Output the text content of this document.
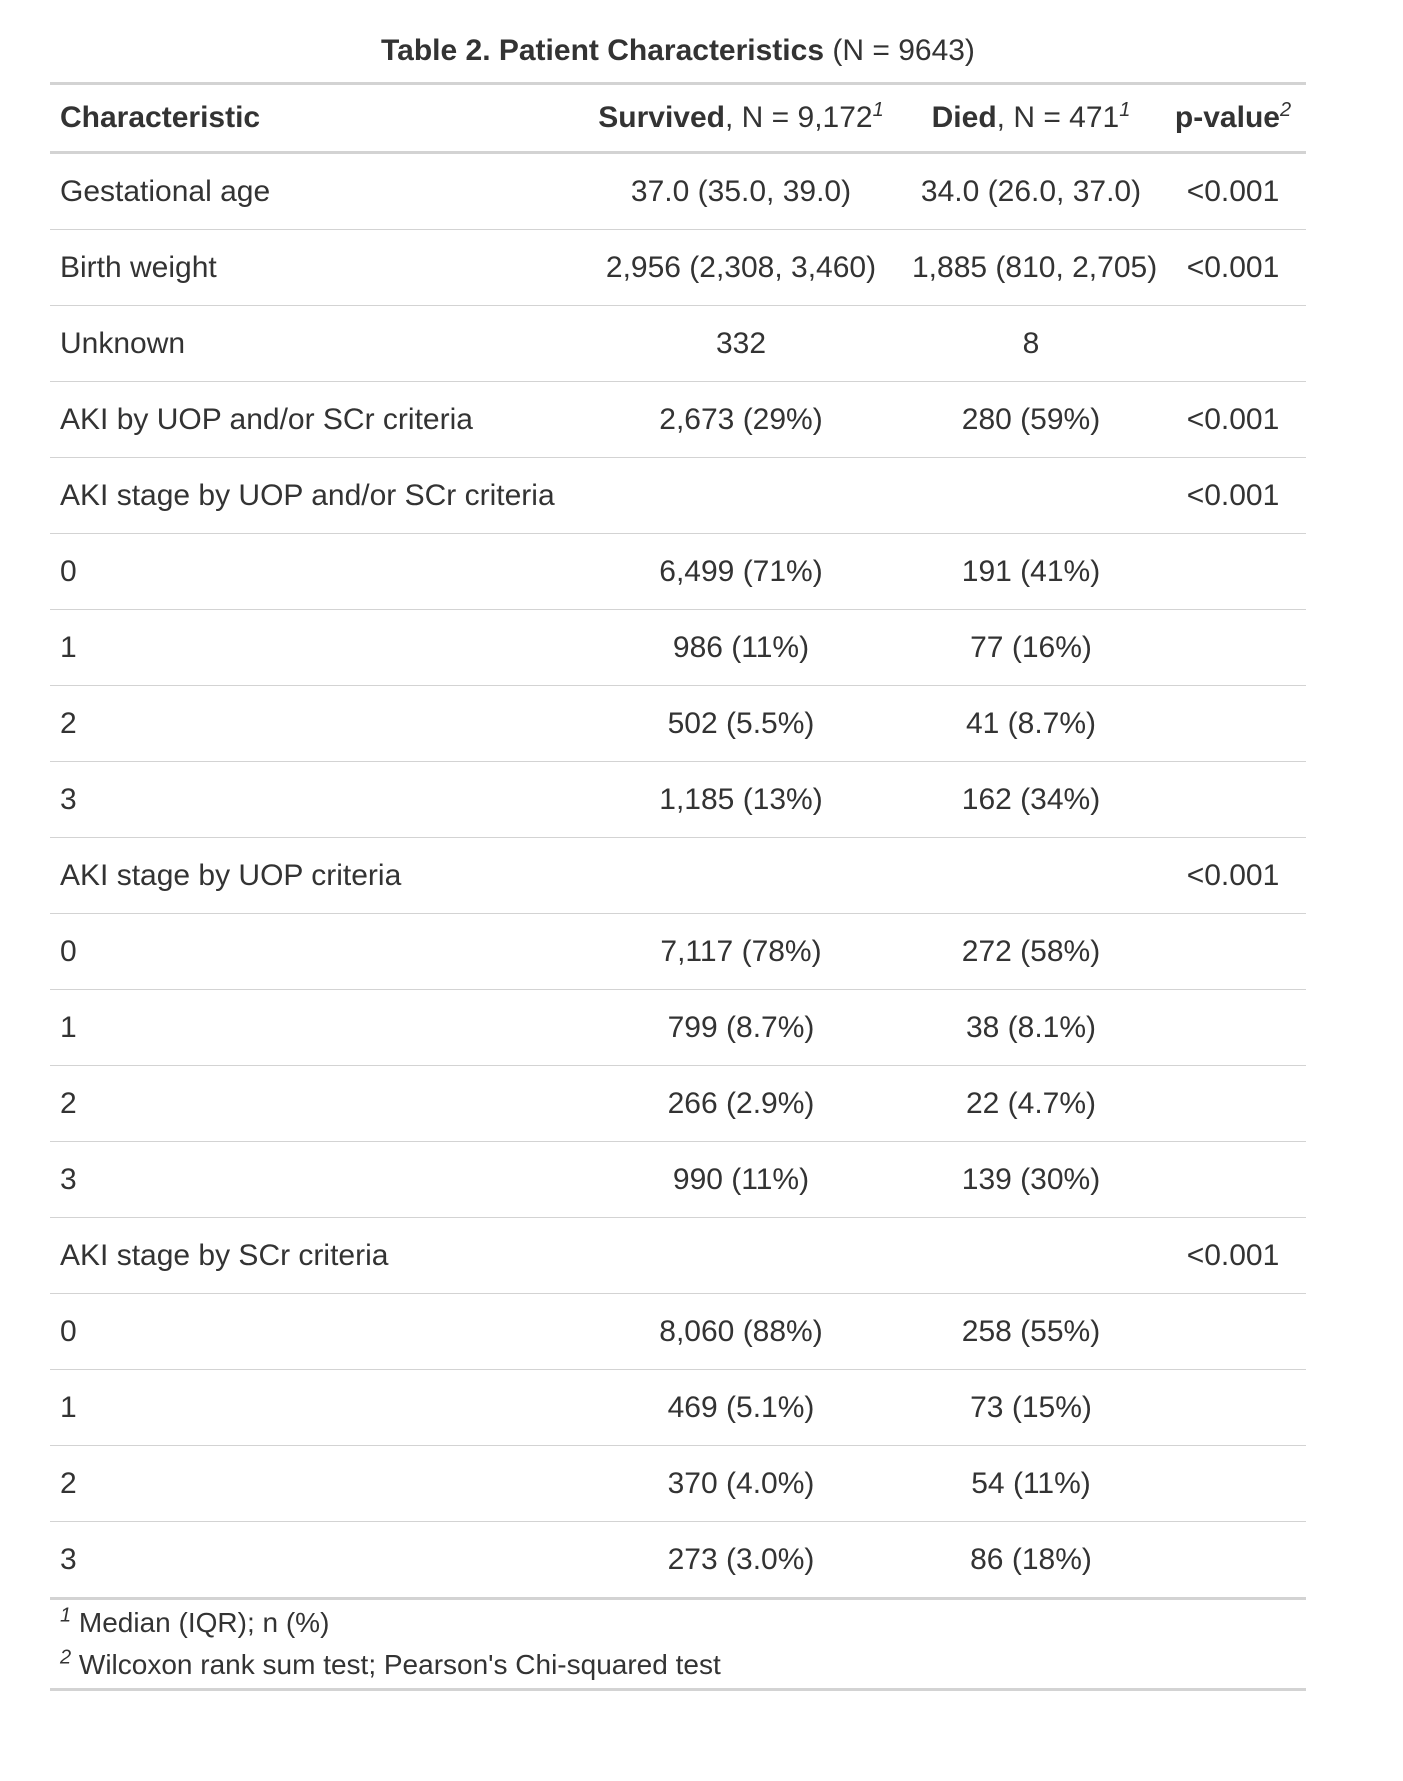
Table 2. Patient Characteristics (N = 9643)
Characteristic	Survived, $N = 9,172^1$	Died, $N = 471^1$	p-value$^2$
Gestational age	37.0 (35.0, 39.0)	34.0 (26.0, 37.0)	<0.001
Birth weight	2,956 (2,308, 3,460)	1,885 (810, 2,705)	<0.001
Unknown	332	8	
AKI by UOP and/or SCr criteria	2,673 (29%)	280 (59%)	<0.001
AKI stage by UOP and/or SCr criteria			<0.001
0	6,499 (71%)	191 (41%)	
1	986 (11%)	77 (16%)	
2	502 (5.5%)	41 (8.7%)	
3	1,185 (13%)	162 (34%)	
AKI stage by UOP criteria			<0.001
0	7,117 (78%)	272 (58%)	
1	799 (8.7%)	38 (8.1%)	
2	266 (2.9%)	22 (4.7%)	
3	990 (11%)	139 (30%)	
AKI stage by SCr criteria			<0.001
0	8,060 (88%)	258 (55%)	
1	469 (5.1%)	73 (15%)	
2	370 (4.0%)	54 (11%)	
3	273 (3.0%)	86 (18%)	

$^1$ Median (IQR); n (%)
$^2$ Wilcoxon rank sum test; Pearson's Chi-squared test			
